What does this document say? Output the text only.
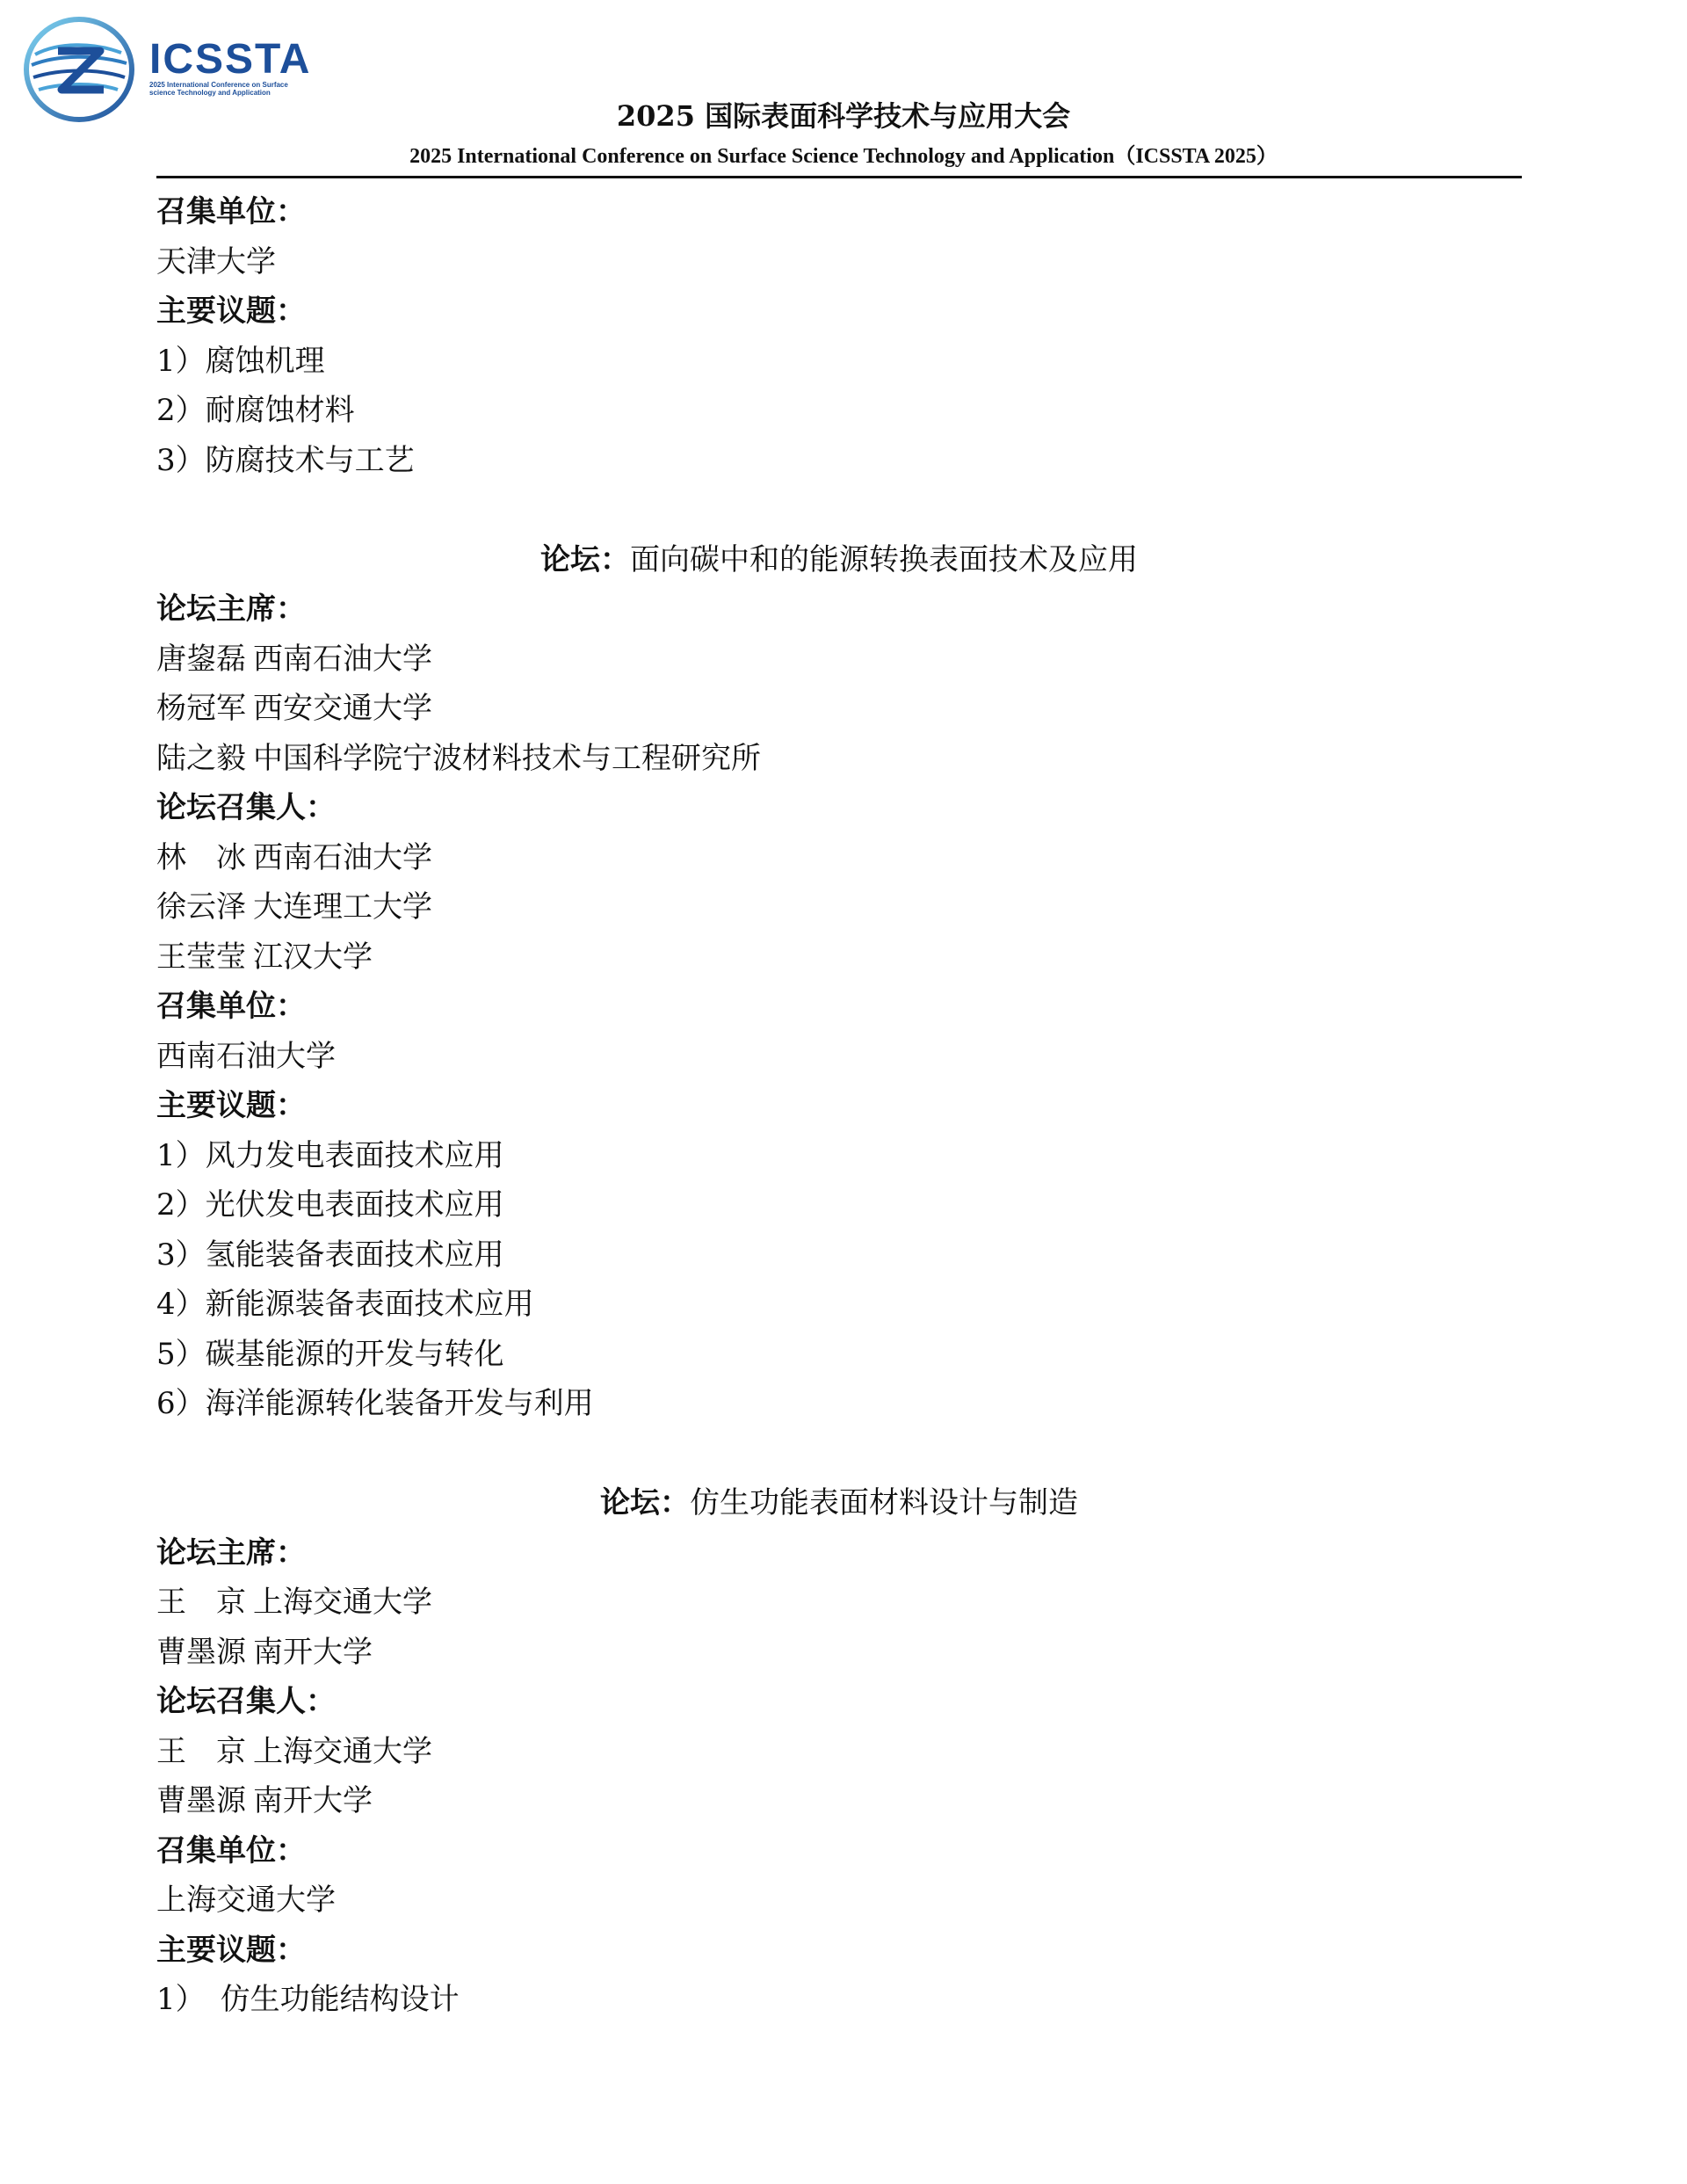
ICSSTA
2025 International Conference on Surface
science Technology and Application
2025 国际表面科学技术与应用大会
2025 International Conference on Surface Science Technology and Application（ICSSTA 2025）
召集单位：
天津大学
主要议题：
1）腐蚀机理
2）耐腐蚀材料
3）防腐技术与工艺
论坛：面向碳中和的能源转换表面技术及应用
论坛主席：
唐鋆磊 西南石油大学
杨冠军 西安交通大学
陆之毅 中国科学院宁波材料技术与工程研究所
论坛召集人：
林　冰 西南石油大学
徐云泽 大连理工大学
王莹莹 江汉大学
召集单位：
西南石油大学
主要议题：
1）风力发电表面技术应用
2）光伏发电表面技术应用
3）氢能装备表面技术应用
4）新能源装备表面技术应用
5）碳基能源的开发与转化
6）海洋能源转化装备开发与利用
论坛：仿生功能表面材料设计与制造
论坛主席：
王　京 上海交通大学
曹墨源 南开大学
论坛召集人：
王　京 上海交通大学
曹墨源 南开大学
召集单位：
上海交通大学
主要议题：
1）　仿生功能结构设计
